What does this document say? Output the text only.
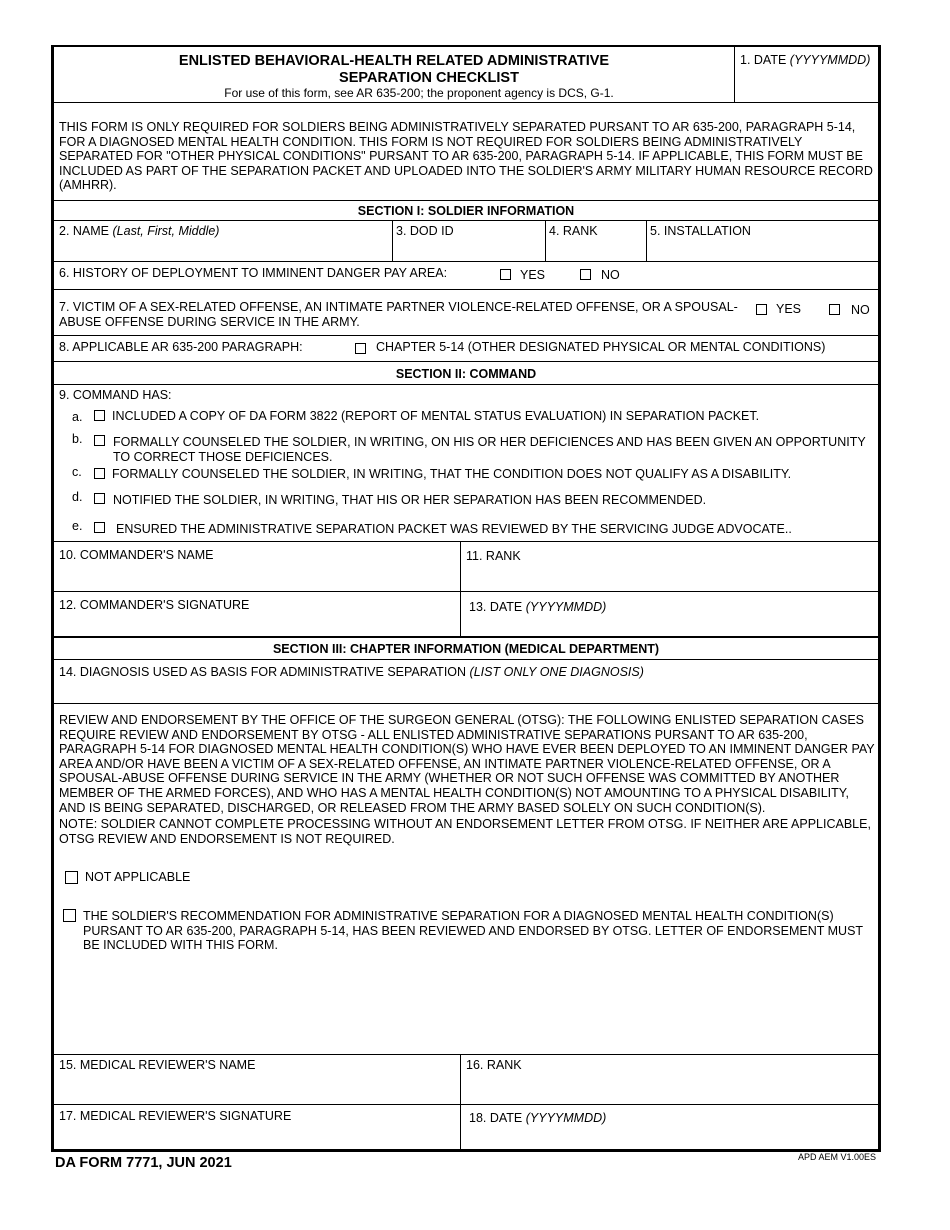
ENLISTED BEHAVIORAL-HEALTH RELATED ADMINISTRATIVE
SEPARATION CHECKLIST
For use of this form, see AR 635-200; the proponent agency is DCS, G-1.
1. DATE (YYYYMMDD)
THIS FORM IS ONLY REQUIRED FOR SOLDIERS BEING ADMINISTRATIVELY SEPARATED PURSANT TO AR 635-200, PARAGRAPH 5-14, FOR A DIAGNOSED MENTAL HEALTH CONDITION. THIS FORM IS NOT REQUIRED FOR SOLDIERS BEING ADMINISTRATIVELY SEPARATED FOR "OTHER PHYSICAL CONDITIONS" PURSANT TO AR 635-200, PARAGRAPH 5-14. IF APPLICABLE, THIS FORM MUST BE INCLUDED AS PART OF THE SEPARATION PACKET AND UPLOADED INTO THE SOLDIER'S ARMY MILITARY HUMAN RESOURCE RECORD (AMHRR).
SECTION I: SOLDIER INFORMATION
2. NAME (Last, First, Middle)	3. DOD ID	4. RANK	5. INSTALLATION
6. HISTORY OF DEPLOYMENT TO IMMINENT DANGER PAY AREA:	YES	NO
7. VICTIM OF A SEX-RELATED OFFENSE, AN INTIMATE PARTNER VIOLENCE-RELATED OFFENSE, OR A SPOUSAL-
ABUSE OFFENSE DURING SERVICE IN THE ARMY.
YES	NO
8. APPLICABLE AR 635-200 PARAGRAPH:	CHAPTER 5-14 (OTHER DESIGNATED PHYSICAL OR MENTAL CONDITIONS)
SECTION II: COMMAND
9. COMMAND HAS:
a. INCLUDED A COPY OF DA FORM 3822 (REPORT OF MENTAL STATUS EVALUATION) IN SEPARATION PACKET.
b. FORMALLY COUNSELED THE SOLDIER, IN WRITING, ON HIS OR HER DEFICIENCES AND HAS BEEN GIVEN AN OPPORTUNITY
TO CORRECT THOSE DEFICIENCES.
c. FORMALLY COUNSELED THE SOLDIER, IN WRITING, THAT THE CONDITION DOES NOT QUALIFY AS A DISABILITY.
d. NOTIFIED THE SOLDIER, IN WRITING, THAT HIS OR HER SEPARATION HAS BEEN RECOMMENDED.
e.	ENSURED THE ADMINISTRATIVE SEPARATION PACKET WAS REVIEWED BY THE SERVICING JUDGE ADVOCATE..
10. COMMANDER'S NAME	11. RANK
12. COMMANDER'S SIGNATURE	13. DATE (YYYYMMDD)
SECTION III: CHAPTER INFORMATION (MEDICAL DEPARTMENT)
14. DIAGNOSIS USED AS BASIS FOR ADMINISTRATIVE SEPARATION (LIST ONLY ONE DIAGNOSIS)
REVIEW AND ENDORSEMENT BY THE OFFICE OF THE SURGEON GENERAL (OTSG): THE FOLLOWING ENLISTED SEPARATION CASES REQUIRE REVIEW AND ENDORSEMENT BY OTSG - ALL ENLISTED ADMINISTRATIVE SEPARATIONS PURSANT TO AR 635-200, PARAGRAPH 5-14 FOR DIAGNOSED MENTAL HEALTH CONDITION(S) WHO HAVE EVER BEEN DEPLOYED TO AN IMMINENT DANGER PAY AREA AND/OR HAVE BEEN A VICTIM OF A SEX-RELATED OFFENSE, AN INTIMATE PARTNER VIOLENCE-RELATED OFFENSE, OR A SPOUSAL-ABUSE OFFENSE DURING SERVICE IN THE ARMY (WHETHER OR NOT SUCH OFFENSE WAS COMMITTED BY ANOTHER MEMBER OF THE ARMED FORCES), AND WHO HAS A MENTAL HEALTH CONDITION(S) NOT AMOUNTING TO A PHYSICAL DISABILITY, AND IS BEING SEPARATED, DISCHARGED, OR RELEASED FROM THE ARMY BASED SOLELY ON SUCH CONDITION(S).
NOTE: SOLDIER CANNOT COMPLETE PROCESSING WITHOUT AN ENDORSEMENT LETTER FROM OTSG. IF NEITHER ARE APPLICABLE, OTSG REVIEW AND ENDORSEMENT IS NOT REQUIRED.
NOT APPLICABLE
THE SOLDIER'S RECOMMENDATION FOR ADMINISTRATIVE SEPARATION FOR A DIAGNOSED MENTAL HEALTH CONDITION(S) PURSANT TO AR 635-200, PARAGRAPH 5-14, HAS BEEN REVIEWED AND ENDORSED BY OTSG. LETTER OF ENDORSEMENT MUST BE INCLUDED WITH THIS FORM.
15. MEDICAL REVIEWER'S NAME	16. RANK
17. MEDICAL REVIEWER'S SIGNATURE	18. DATE (YYYYMMDD)
DA FORM 7771, JUN 2021	APD AEM V1.00ES
